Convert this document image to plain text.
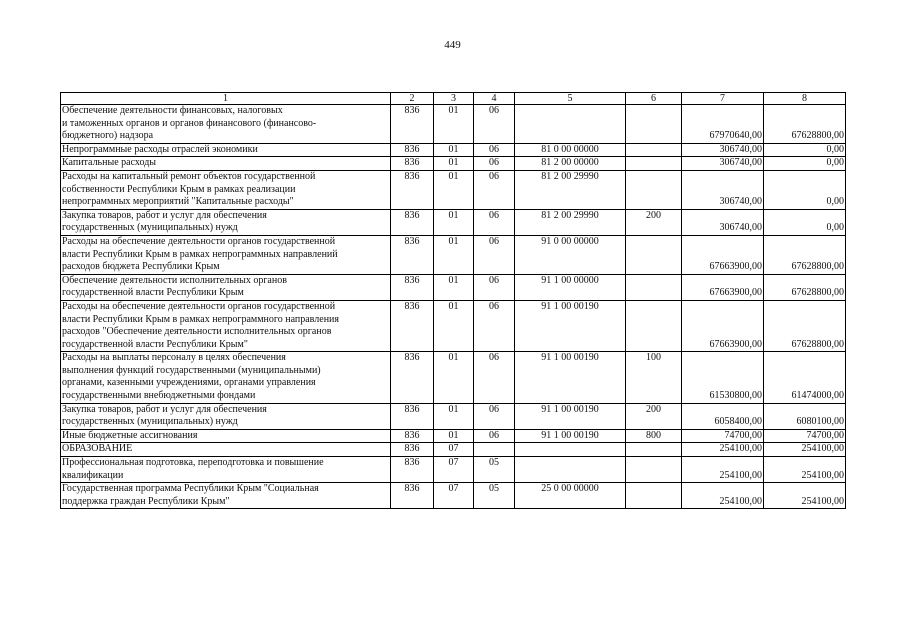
449
1	2	3	4	5	6	7	8
Обеспечение деятельности финансовых, налоговых
и таможенных органов и органов финансового (финансово-
бюджетного) надзора	836	01	06			67970640,00	67628800,00
Непрограммные расходы отраслей экономики	836	01	06	81 0 00 00000		306740,00	0,00
Капитальные расходы	836	01	06	81 2 00 00000		306740,00	0,00
Расходы на капитальный ремонт объектов государственной
собственности Республики Крым в рамках реализации
непрограммных мероприятий "Капитальные расходы"	836	01	06	81 2 00 29990		306740,00	0,00
Закупка товаров, работ и услуг для обеспечения
государственных (муниципальных) нужд	836	01	06	81 2 00 29990	200	306740,00	0,00
Расходы на обеспечение деятельности органов государственной
власти Республики Крым в рамках непрограммных направлений
расходов бюджета Республики Крым	836	01	06	91 0 00 00000		67663900,00	67628800,00
Обеспечение деятельности исполнительных органов
государственной власти Республики Крым	836	01	06	91 1 00 00000		67663900,00	67628800,00
Расходы на обеспечение деятельности органов государственной
власти Республики Крым в рамках непрограммного направления
расходов "Обеспечение деятельности исполнительных органов
государственной власти Республики Крым"	836	01	06	91 1 00 00190		67663900,00	67628800,00
Расходы на выплаты персоналу в целях обеспечения
выполнения функций государственными (муниципальными)
органами, казенными учреждениями, органами управления
государственными внебюджетными фондами	836	01	06	91 1 00 00190	100	61530800,00	61474000,00
Закупка товаров, работ и услуг для обеспечения
государственных (муниципальных) нужд	836	01	06	91 1 00 00190	200	6058400,00	6080100,00
Иные бюджетные ассигнования	836	01	06	91 1 00 00190	800	74700,00	74700,00
ОБРАЗОВАНИЕ	836	07				254100,00	254100,00
Профессиональная подготовка, переподготовка и повышение
квалификации	836	07	05			254100,00	254100,00
Государственная программа Республики Крым "Социальная
поддержка граждан Республики Крым"	836	07	05	25 0 00 00000		254100,00	254100,00
